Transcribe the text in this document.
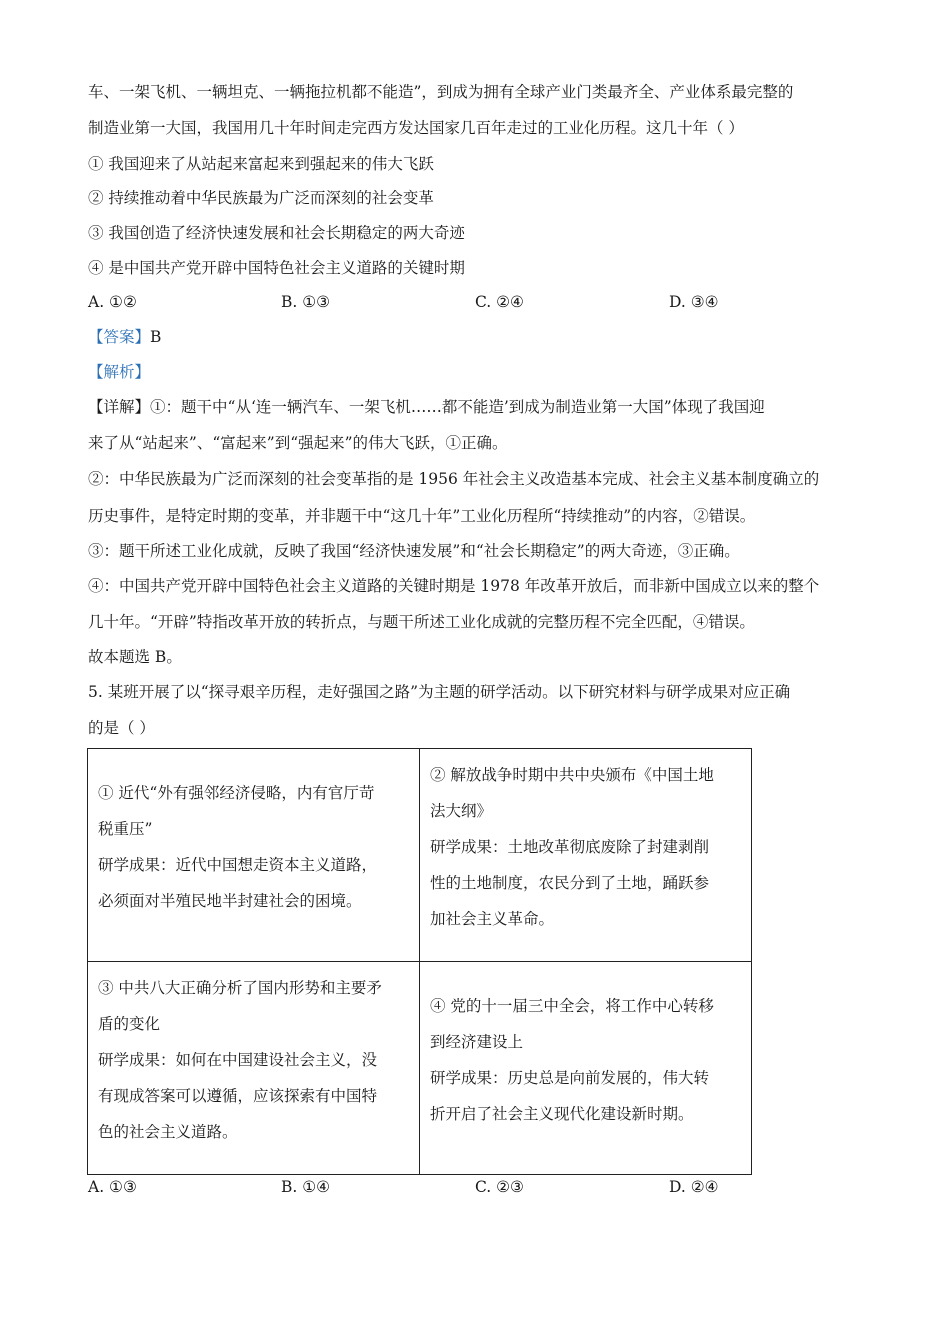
车、一架飞机、一辆坦克、一辆拖拉机都不能造”，到成为拥有全球产业门类最齐全、产业体系最完整的
制造业第一大国，我国用几十年时间走完西方发达国家几百年走过的工业化历程。这几十年（ ）
① 我国迎来了从站起来富起来到强起来的伟大飞跃
② 持续推动着中华民族最为广泛而深刻的社会变革
③ 我国创造了经济快速发展和社会长期稳定的两大奇迹
④ 是中国共产党开辟中国特色社会主义道路的关键时期
A. ①②	B. ①③	C. ②④	D. ③④
【答案】B
【解析】
【详解】①：题干中“从‘连一辆汽车、一架飞机……都不能造’到成为制造业第一大国”体现了我国迎
来了从“站起来”、“富起来”到“强起来”的伟大飞跃，①正确。
②：中华民族最为广泛而深刻的社会变革指的是 1956 年社会主义改造基本完成、社会主义基本制度确立的
历史事件，是特定时期的变革，并非题干中“这几十年”工业化历程所“持续推动”的内容，②错误。
③：题干所述工业化成就，反映了我国“经济快速发展”和“社会长期稳定”的两大奇迹，③正确。
④：中国共产党开辟中国特色社会主义道路的关键时期是 1978 年改革开放后，而非新中国成立以来的整个
几十年。“开辟”特指改革开放的转折点，与题干所述工业化成就的完整历程不完全匹配，④错误。
故本题选 B。
5. 某班开展了以“探寻艰辛历程，走好强国之路”为主题的研学活动。以下研究材料与研学成果对应正确
的是（ ）
① 近代“外有强邻经济侵略，内有官厅苛
税重压”
研学成果：近代中国想走资本主义道路，
必须面对半殖民地半封建社会的困境。	② 解放战争时期中共中央颁布《中国土地
法大纲》
研学成果：土地改革彻底废除了封建剥削
性的土地制度，农民分到了土地，踊跃参
加社会主义革命。

③ 中共八大正确分析了国内形势和主要矛
盾的变化
研学成果：如何在中国建设社会主义，没
有现成答案可以遵循，应该探索有中国特
色的社会主义道路。	④ 党的十一届三中全会，将工作中心转移
到经济建设上
研学成果：历史总是向前发展的，伟大转
折开启了社会主义现代化建设新时期。
A. ①③	B. ①④	C. ②③	D. ②④
